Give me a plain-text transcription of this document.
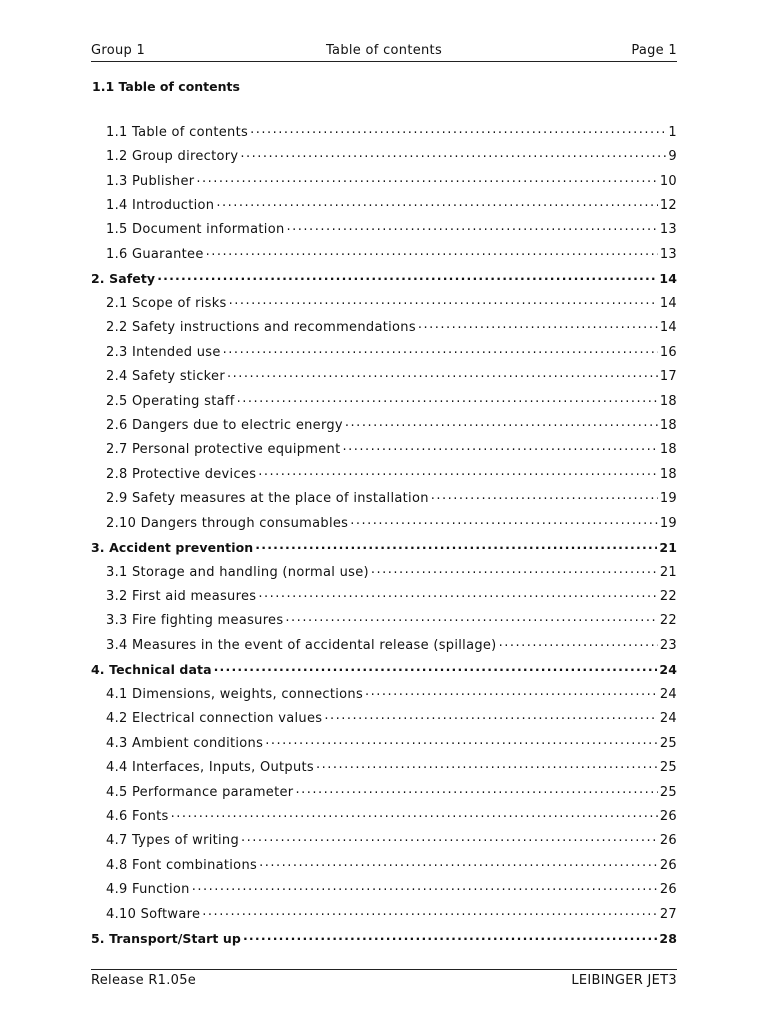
Group 1	Table of contents	Page 1
1.1 Table of contents
1.1 Table of contents .....	1
1.2 Group directory .....	9
1.3 Publisher .....	10
1.4 Introduction .....	12
1.5 Document information .....	13
1.6 Guarantee .....	13
2. Safety .....	14
2.1 Scope of risks .....	14
2.2 Safety instructions and recommendations .....	14
2.3 Intended use .....	16
2.4 Safety sticker .....	17
2.5 Operating staff .....	18
2.6 Dangers due to electric energy .....	18
2.7 Personal protective equipment .....	18
2.8 Protective devices .....	18
2.9 Safety measures at the place of installation .....	19
2.10 Dangers through consumables .....	19
3. Accident prevention .....	21
3.1 Storage and handling (normal use) .....	21
3.2 First aid measures .....	22
3.3 Fire fighting measures .....	22
3.4 Measures in the event of accidental release (spillage) .....	23
4. Technical data .....	24
4.1 Dimensions, weights, connections .....	24
4.2 Electrical connection values .....	24
4.3 Ambient conditions .....	25
4.4 Interfaces, Inputs, Outputs .....	25
4.5 Performance parameter .....	25
4.6 Fonts .....	26
4.7 Types of writing .....	26
4.8 Font combinations .....	26
4.9 Function .....	26
4.10 Software .....	27
5. Transport/Start up .....	28
Release R1.05e	LEIBINGER JET3
